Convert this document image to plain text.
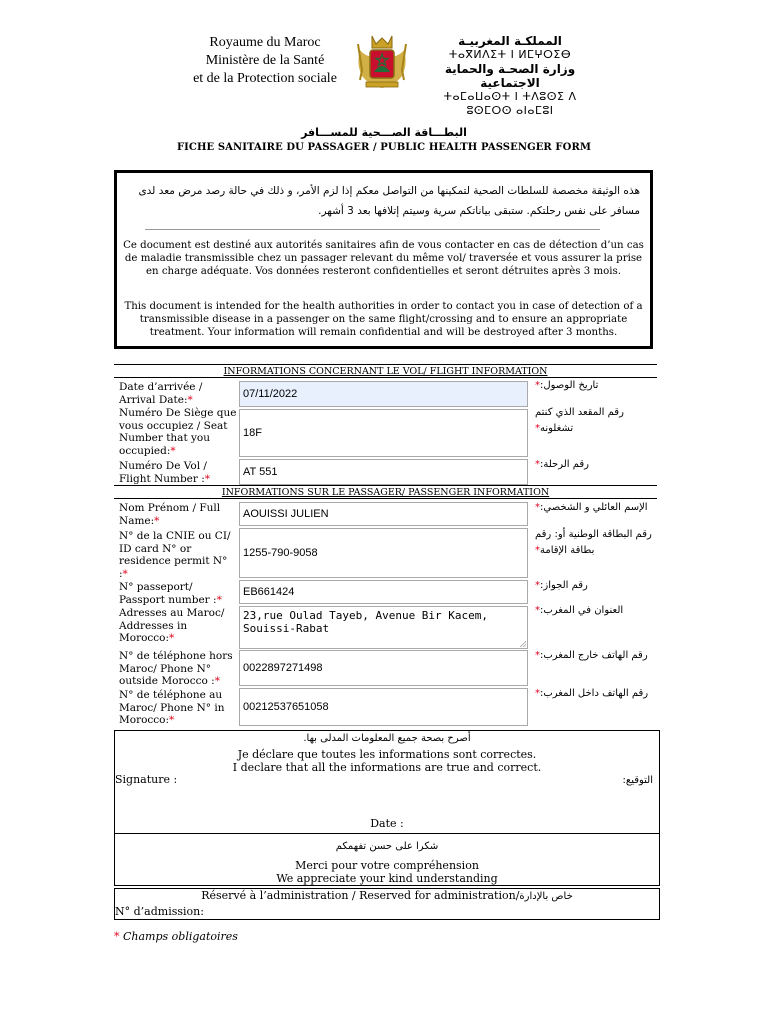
Royaume du Maroc
Ministère de la Santé
et de la Protection sociale
المملكـة المغربيـة
ⵜⴰⴳⵍⴷⵉⵜ ⵏ ⵍⵎⵖⵔⵉⴱ
وزارة الصحـة والحماية الاجتماعية
ⵜⴰⵎⴰⵡⴰⵙⵜ ⵏ ⵜⴷⵓⵙⵉ ⴷ ⵓⵙⵎⵔⵙ ⴰⵏⴰⵎⵓⵏ
البطـــاقة الصـــحية للمســـافر
FICHE SANITAIRE DU PASSAGER / PUBLIC HEALTH PASSENGER FORM
هذه الوثيقة مخصصة للسلطات الصحية لتمكينها من التواصل معكم إذا لزم الأمر، و ذلك في حالة رصد مرض معد لدى مسافر على نفس رحلتكم. ستبقى بياناتكم سرية وسيتم إتلافها بعد 3 أشهر.
Ce document est destiné aux autorités sanitaires afin de vous contacter en cas de détection d’un cas de maladie transmissible chez un passager relevant du même vol/ traversée et vous assurer la prise en charge adéquate. Vos données resteront confidentielles et seront détruites après 3 mois.
This document is intended for the health authorities in order to contact you in case of detection of a transmissible disease in a passenger on the same flight/crossing and to ensure an appropriate treatment. Your information will remain confidential and will be destroyed after 3 months.
INFORMATIONS CONCERNANT LE VOL/ FLIGHT INFORMATION
Date d’arrivée / Arrival Date:*	07/11/2022
تاريخ الوصول:*
Numéro De Siège que vous occupiez / Seat Number that you occupied:*
18F
رقم المقعد الذي كنتم تشغلونه*
Numéro De Vol / Flight Number :*
AT 551
رقم الرحلة:*
INFORMATIONS SUR LE PASSAGER/ PASSENGER INFORMATION
Nom Prénom / Full Name:*
AOUISSI JULIEN
الإسم العائلي و الشخصي:*
N° de la CNIE ou CI/ ID card N° or residence permit N° :*
1255-790-9058
رقم البطاقة الوطنية أو: رقم بطاقة الإقامة*
N° passeport/ Passport number :*
EB661424
رقم الجواز:*
Adresses au Maroc/ Addresses in Morocco:*
23,rue Oulad Tayeb, Avenue Bir Kacem,
Souissi-Rabat
العنوان في المغرب:*
N° de téléphone hors Maroc/ Phone N° outside Morocco :*
0022897271498
رقم الهاتف خارج المغرب:*
N° de téléphone au Maroc/ Phone N° in Morocco:*
00212537651058
رقم الهاتف داخل المغرب:*
أصرح بصحة جميع المعلومات المدلى بها.
Je déclare que toutes les informations sont correctes.
I declare that all the informations are true and correct.
Signature :	التوقيع:
Date :
شكرا على حسن تفهمكم
Merci pour votre compréhension
We appreciate your kind understanding
Réservé à l’administration / Reserved for administration/خاص بالإدارة
N° d’admission:
* Champs obligatoires
